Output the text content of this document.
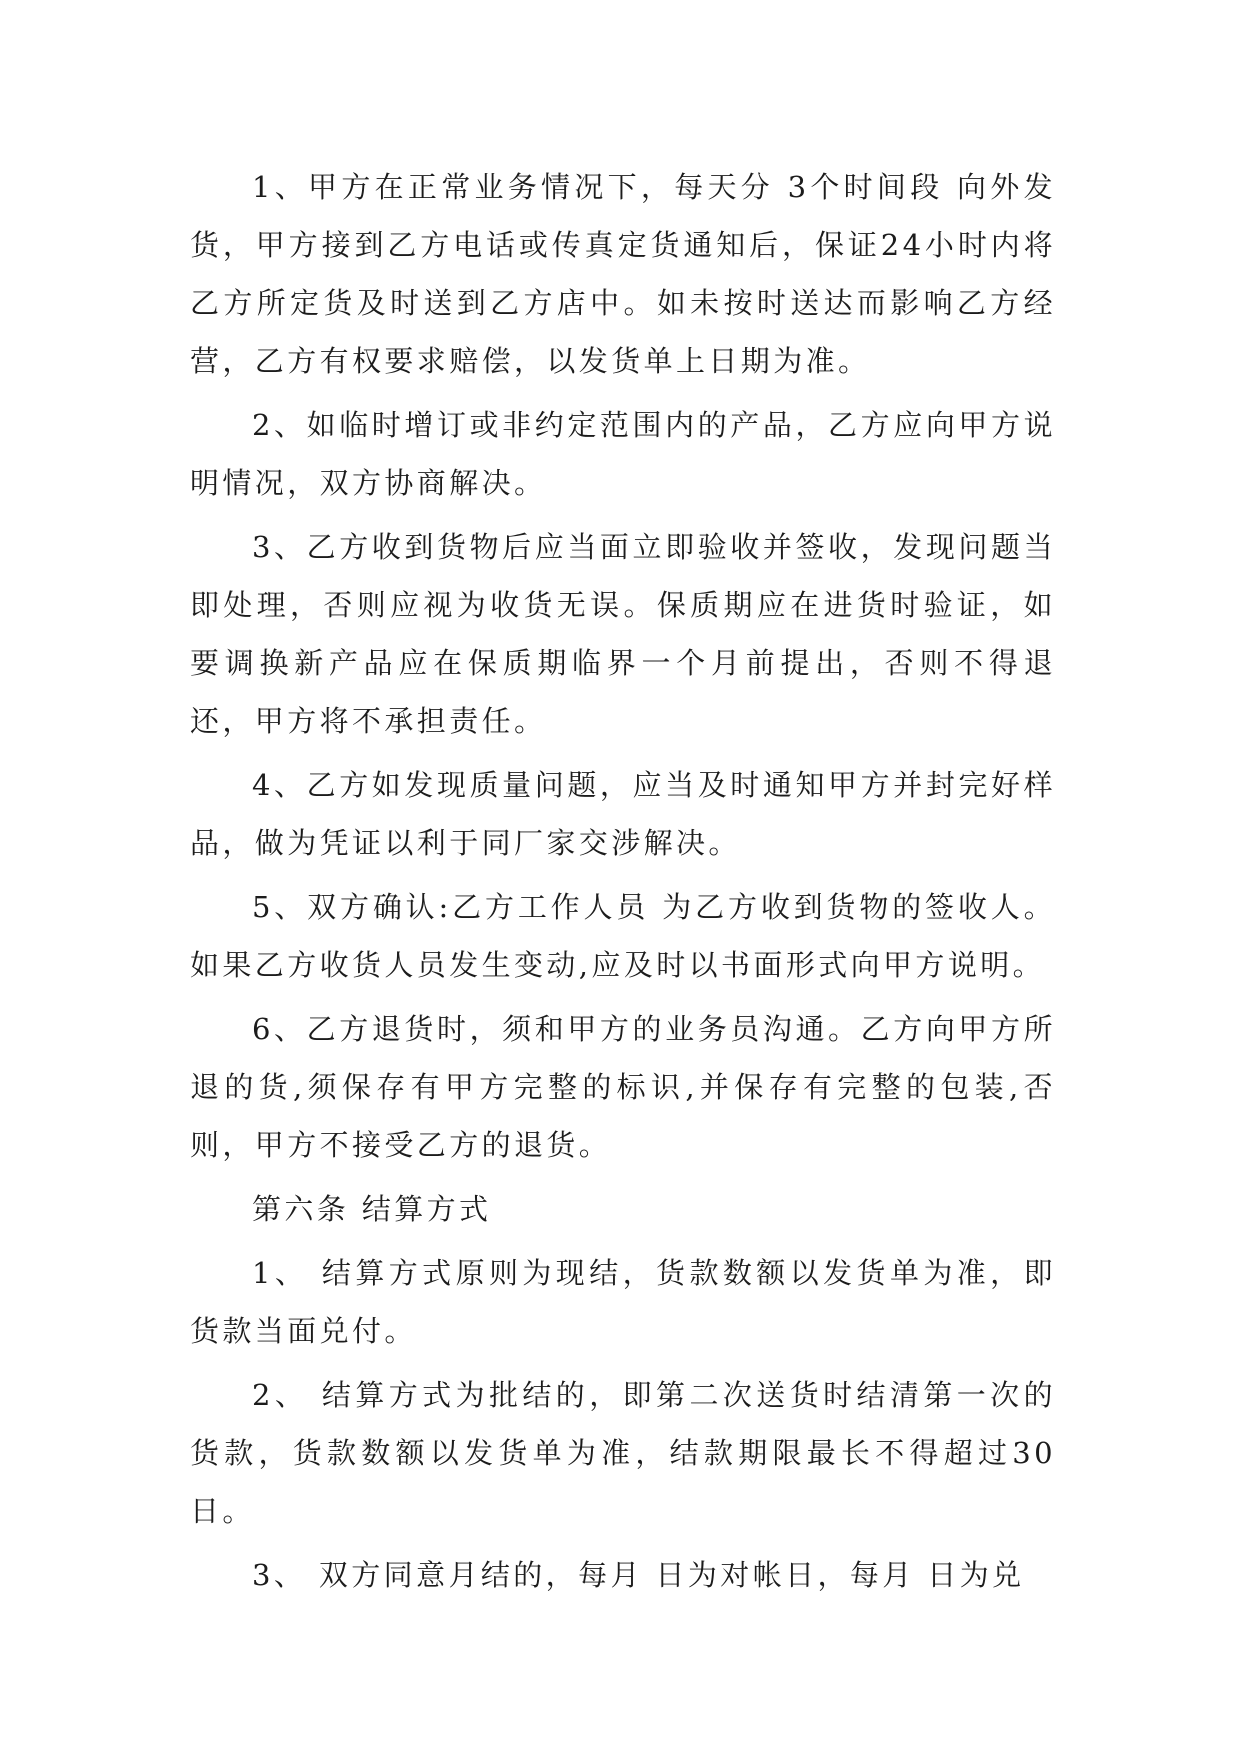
1、甲方在正常业务情况下，每天分 3个时间段 向外发货，甲方接到乙方电话或传真定货通知后，保证24小时内将乙方所定货及时送到乙方店中。如未按时送达而影响乙方经营，乙方有权要求赔偿，以发货单上日期为准。

2、如临时增订或非约定范围内的产品，乙方应向甲方说明情况，双方协商解决。

3、乙方收到货物后应当面立即验收并签收，发现问题当即处理，否则应视为收货无误。保质期应在进货时验证，如要调换新产品应在保质期临界一个月前提出，否则不得退还，甲方将不承担责任。

4、乙方如发现质量问题，应当及时通知甲方并封完好样品，做为凭证以利于同厂家交涉解决。

5、双方确认:乙方工作人员 为乙方收到货物的签收人。如果乙方收货人员发生变动,应及时以书面形式向甲方说明。

6、乙方退货时，须和甲方的业务员沟通。乙方向甲方所退的货,须保存有甲方完整的标识,并保存有完整的包装,否则，甲方不接受乙方的退货。

第六条 结算方式

1、 结算方式原则为现结，货款数额以发货单为准，即货款当面兑付。

2、 结算方式为批结的，即第二次送货时结清第一次的货款，货款数额以发货单为准，结款期限最长不得超过30日。

3、 双方同意月结的，每月 日为对帐日，每月 日为兑
